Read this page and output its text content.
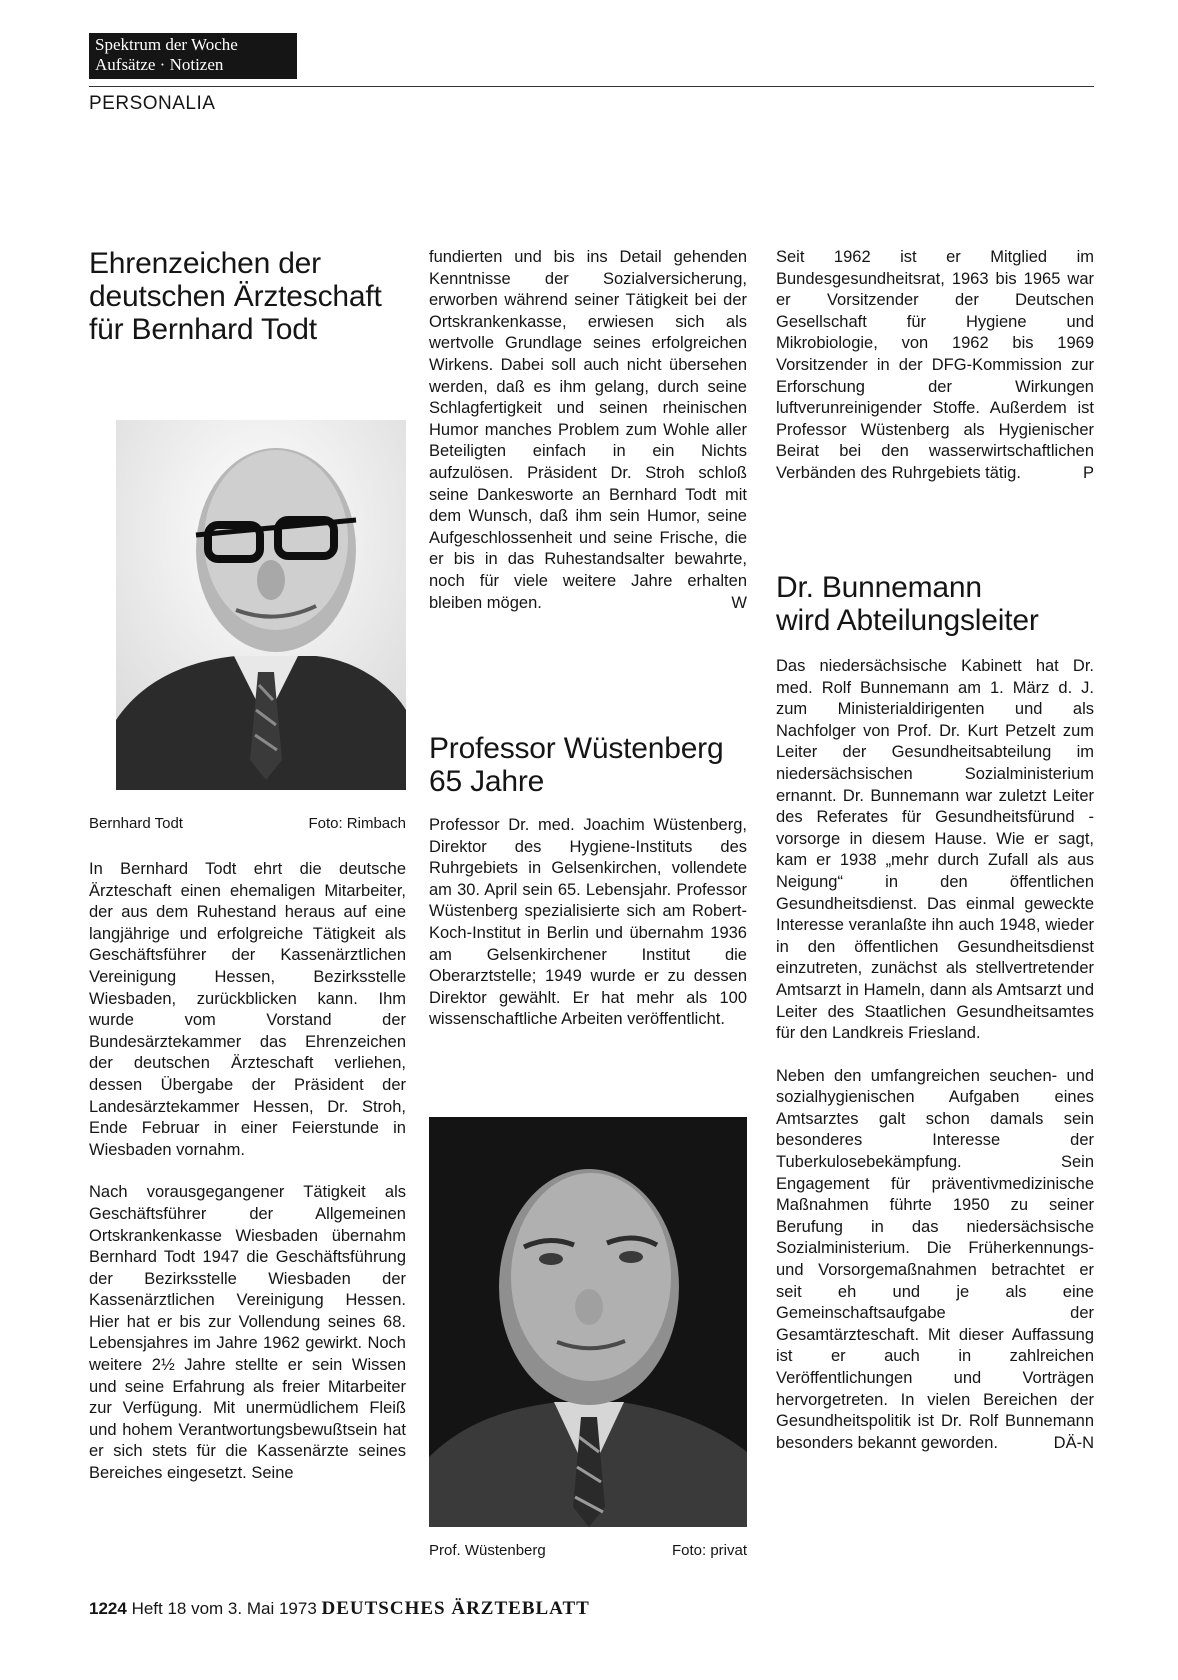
Spektrum der Woche
Aufsätze · Notizen
PERSONALIA
Ehrenzeichen der
deutschen Ärzteschaft
für Bernhard Todt
Bernhard Todt	Foto: Rimbach

In Bernhard Todt ehrt die deutsche Ärzteschaft einen ehemaligen Mitarbeiter, der aus dem Ruhestand heraus auf eine langjährige und erfolgreiche Tätigkeit als Geschäftsführer der Kassenärztlichen Vereinigung Hessen, Bezirksstelle Wiesbaden, zurückblicken kann. Ihm wurde vom Vorstand der Bundesärztekammer das Ehrenzeichen der deutschen Ärzteschaft verliehen, dessen Übergabe der Präsident der Landesärztekammer Hessen, Dr. Stroh, Ende Februar in einer Feierstunde in Wiesbaden vornahm.

Nach vorausgegangener Tätigkeit als Geschäftsführer der Allgemeinen Ortskrankenkasse Wiesbaden übernahm Bernhard Todt 1947 die Geschäftsführung der Bezirksstelle Wiesbaden der Kassenärztlichen Vereinigung Hessen. Hier hat er bis zur Vollendung seines 68. Lebensjahres im Jahre 1962 gewirkt. Noch weitere 2½ Jahre stellte er sein Wissen und seine Erfahrung als freier Mitarbeiter zur Verfügung. Mit unermüdlichem Fleiß und hohem Verantwortungsbewußtsein hat er sich stets für die Kassenärzte seines Bereiches eingesetzt. Seine

fundierten und bis ins Detail gehenden Kenntnisse der Sozialversicherung, erworben während seiner Tätigkeit bei der Ortskrankenkasse, erwiesen sich als wertvolle Grundlage seines erfolgreichen Wirkens. Dabei soll auch nicht übersehen werden, daß es ihm gelang, durch seine Schlagfertigkeit und seinen rheinischen Humor manches Problem zum Wohle aller Beteiligten einfach in ein Nichts aufzulösen. Präsident Dr. Stroh schloß seine Dankesworte an Bernhard Todt mit dem Wunsch, daß ihm sein Humor, seine Aufgeschlossenheit und seine Frische, die er bis in das Ruhestandsalter bewahrte, noch für viele weitere Jahre erhalten bleiben mögen.	W

Professor Wüstenberg
65 Jahre

Professor Dr. med. Joachim Wüstenberg, Direktor des Hygiene-Instituts des Ruhrgebiets in Gelsenkirchen, vollendete am 30. April sein 65. Lebensjahr. Professor Wüstenberg spezialisierte sich am Robert-Koch-Institut in Berlin und übernahm 1936 am Gelsenkirchener Institut die Oberarztstelle; 1949 wurde er zu dessen Direktor gewählt. Er hat mehr als 100 wissenschaftliche Arbeiten veröffentlicht.

Prof. Wüstenberg	Foto: privat

Seit 1962 ist er Mitglied im Bundesgesundheitsrat, 1963 bis 1965 war er Vorsitzender der Deutschen Gesellschaft für Hygiene und Mikrobiologie, von 1962 bis 1969 Vorsitzender in der DFG-Kommission zur Erforschung der Wirkungen luftverunreinigender Stoffe. Außerdem ist Professor Wüstenberg als Hygienischer Beirat bei den wasserwirtschaftlichen Verbänden des Ruhrgebiets tätig.	P

Dr. Bunnemann
wird Abteilungsleiter

Das niedersächsische Kabinett hat Dr. med. Rolf Bunnemann am 1. März d. J. zum Ministerialdirigenten und als Nachfolger von Prof. Dr. Kurt Petzelt zum Leiter der Gesundheitsabteilung im niedersächsischen Sozialministerium ernannt. Dr. Bunnemann war zuletzt Leiter des Referates für Gesundheitsfürund -vorsorge in diesem Hause. Wie er sagt, kam er 1938 „mehr durch Zufall als aus Neigung“ in den öffentlichen Gesundheitsdienst. Das einmal geweckte Interesse veranlaßte ihn auch 1948, wieder in den öffentlichen Gesundheitsdienst einzutreten, zunächst als stellvertretender Amtsarzt in Hameln, dann als Amtsarzt und Leiter des Staatlichen Gesundheitsamtes für den Landkreis Friesland.

Neben den umfangreichen seuchen- und sozialhygienischen Aufgaben eines Amtsarztes galt schon damals sein besonderes Interesse der Tuberkulosebekämpfung. Sein Engagement für präventivmedizinische Maßnahmen führte 1950 zu seiner Berufung in das niedersächsische Sozialministerium. Die Früherkennungs- und Vorsorgemaßnahmen betrachtet er seit eh und je als eine Gemeinschaftsaufgabe der Gesamtärzteschaft. Mit dieser Auffassung ist er auch in zahlreichen Veröffentlichungen und Vorträgen hervorgetreten. In vielen Bereichen der Gesundheitspolitik ist Dr. Rolf Bunnemann besonders bekannt geworden.	DÄ-N

1224 Heft 18 vom 3. Mai 1973 DEUTSCHES ÄRZTEBLATT
